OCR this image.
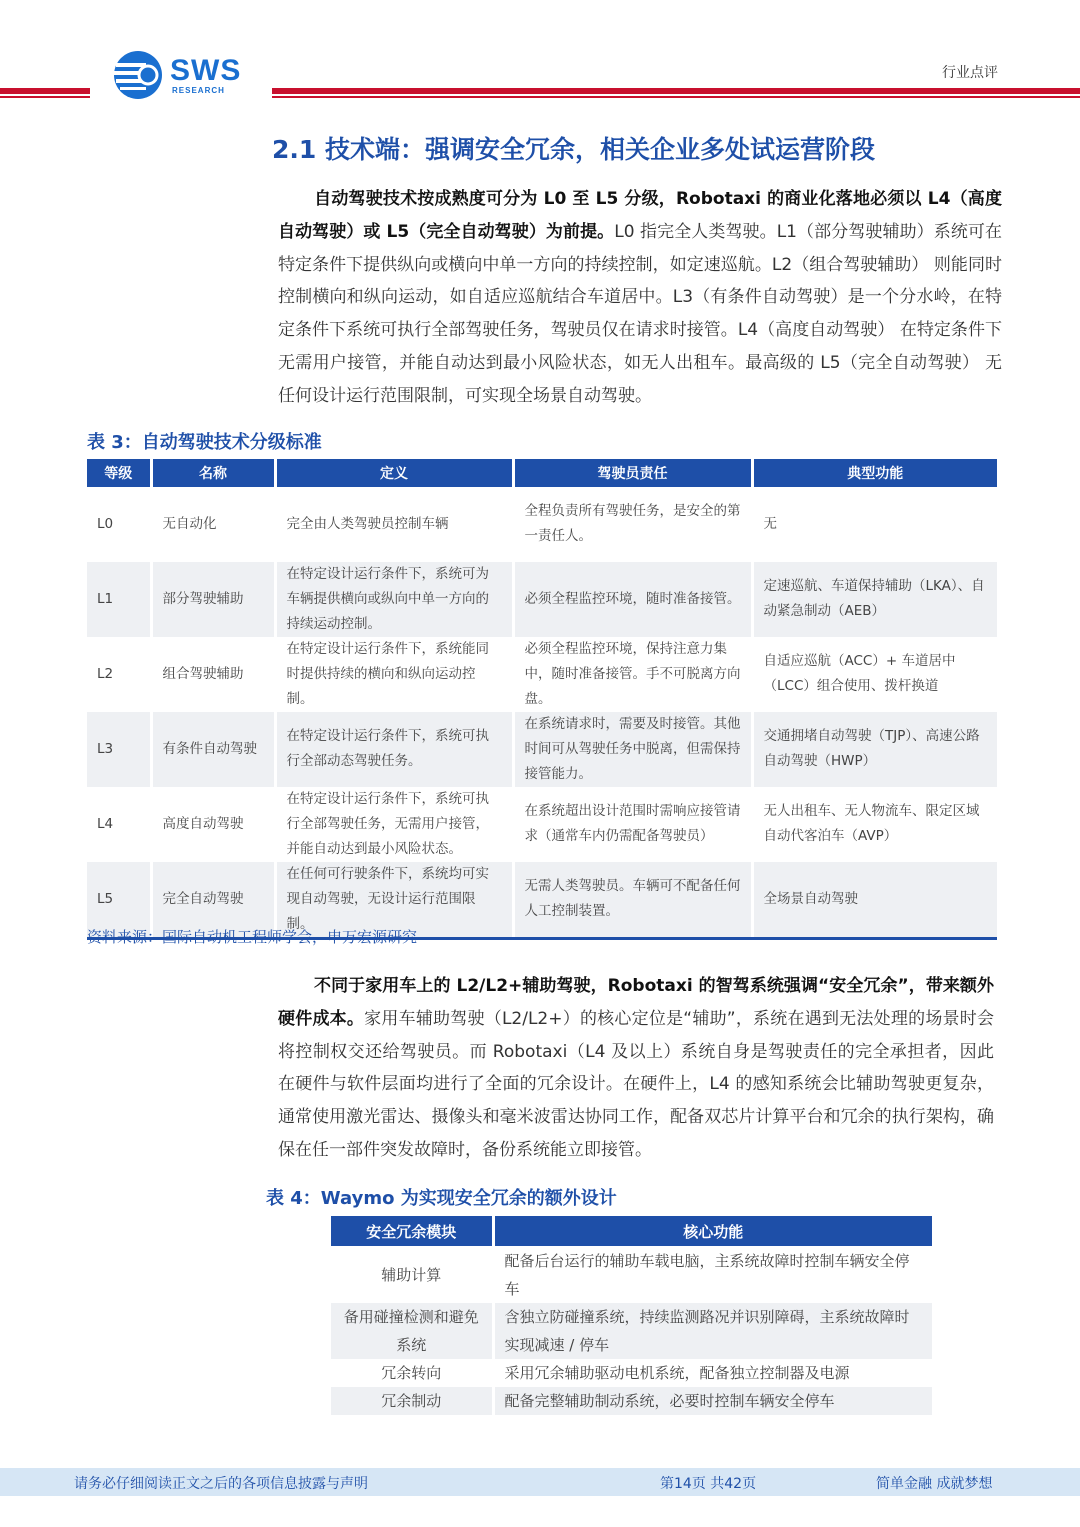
SWS
RESEARCH
行业点评
2.1 技术端：强调安全冗余，相关企业多处试运营阶段

自动驾驶技术按成熟度可分为 L0 至 L5 分级，Robotaxi 的商业化落地必须以 L4（高度自动驾驶）或 L5（完全自动驾驶）为前提。L0 指完全人类驾驶。L1（部分驾驶辅助）系统可在特定条件下提供纵向或横向中单一方向的持续控制，如定速巡航。L2（组合驾驶辅助） 则能同时控制横向和纵向运动，如自适应巡航结合车道居中。L3（有条件自动驾驶）是一个分水岭，在特定条件下系统可执行全部驾驶任务，驾驶员仅在请求时接管。L4（高度自动驾驶） 在特定条件下无需用户接管，并能自动达到最小风险状态，如无人出租车。最高级的 L5（完全自动驾驶） 无任何设计运行范围限制，可实现全场景自动驾驶。

表 3：自动驾驶技术分级标准
等级	名称	定义	驾驶员责任	典型功能
L0	无自动化	完全由人类驾驶员控制车辆	全程负责所有驾驶任务，是安全的第一责任人。	无
L1	部分驾驶辅助	在特定设计运行条件下，系统可为车辆提供横向或纵向中单一方向的持续运动控制。	必须全程监控环境，随时准备接管。	定速巡航、车道保持辅助（LKA）、自动紧急制动（AEB）
L2	组合驾驶辅助	在特定设计运行条件下，系统能同时提供持续的横向和纵向运动控制。	必须全程监控环境，保持注意力集中，随时准备接管。手不可脱离方向盘。	自适应巡航（ACC）+ 车道居中（LCC）组合使用、拨杆换道
L3	有条件自动驾驶	在特定设计运行条件下，系统可执行全部动态驾驶任务。	在系统请求时，需要及时接管。其他时间可从驾驶任务中脱离，但需保持接管能力。	交通拥堵自动驾驶（TJP）、高速公路自动驾驶（HWP）
L4	高度自动驾驶	在特定设计运行条件下，系统可执行全部驾驶任务，无需用户接管，并能自动达到最小风险状态。	在系统超出设计范围时需响应接管请求（通常车内仍需配备驾驶员）	无人出租车、无人物流车、限定区域自动代客泊车（AVP）
L5	完全自动驾驶	在任何可行驶条件下，系统均可实现自动驾驶，无设计运行范围限制。	无需人类驾驶员。车辆可不配备任何人工控制装置。	全场景自动驾驶
资料来源：国际自动机工程师学会，申万宏源研究

不同于家用车上的 L2/L2+辅助驾驶，Robotaxi 的智驾系统强调“安全冗余”，带来额外硬件成本。家用车辅助驾驶（L2/L2+）的核心定位是“辅助”，系统在遇到无法处理的场景时会将控制权交还给驾驶员。而 Robotaxi（L4 及以上）系统自身是驾驶责任的完全承担者，因此在硬件与软件层面均进行了全面的冗余设计。在硬件上，L4 的感知系统会比辅助驾驶更复杂，通常使用激光雷达、摄像头和毫米波雷达协同工作，配备双芯片计算平台和冗余的执行架构，确保在任一部件突发故障时，备份系统能立即接管。

表 4：Waymo 为实现安全冗余的额外设计
安全冗余模块	核心功能
辅助计算	配备后台运行的辅助车载电脑，主系统故障时控制车辆安全停车
备用碰撞检测和避免系统	含独立防碰撞系统，持续监测路况并识别障碍，主系统故障时实现减速 / 停车
冗余转向	采用冗余辅助驱动电机系统，配备独立控制器及电源
冗余制动	配备完整辅助制动系统，必要时控制车辆安全停车
请务必仔细阅读正文之后的各项信息披露与声明	第14页 共42页	简单金融 成就梦想
